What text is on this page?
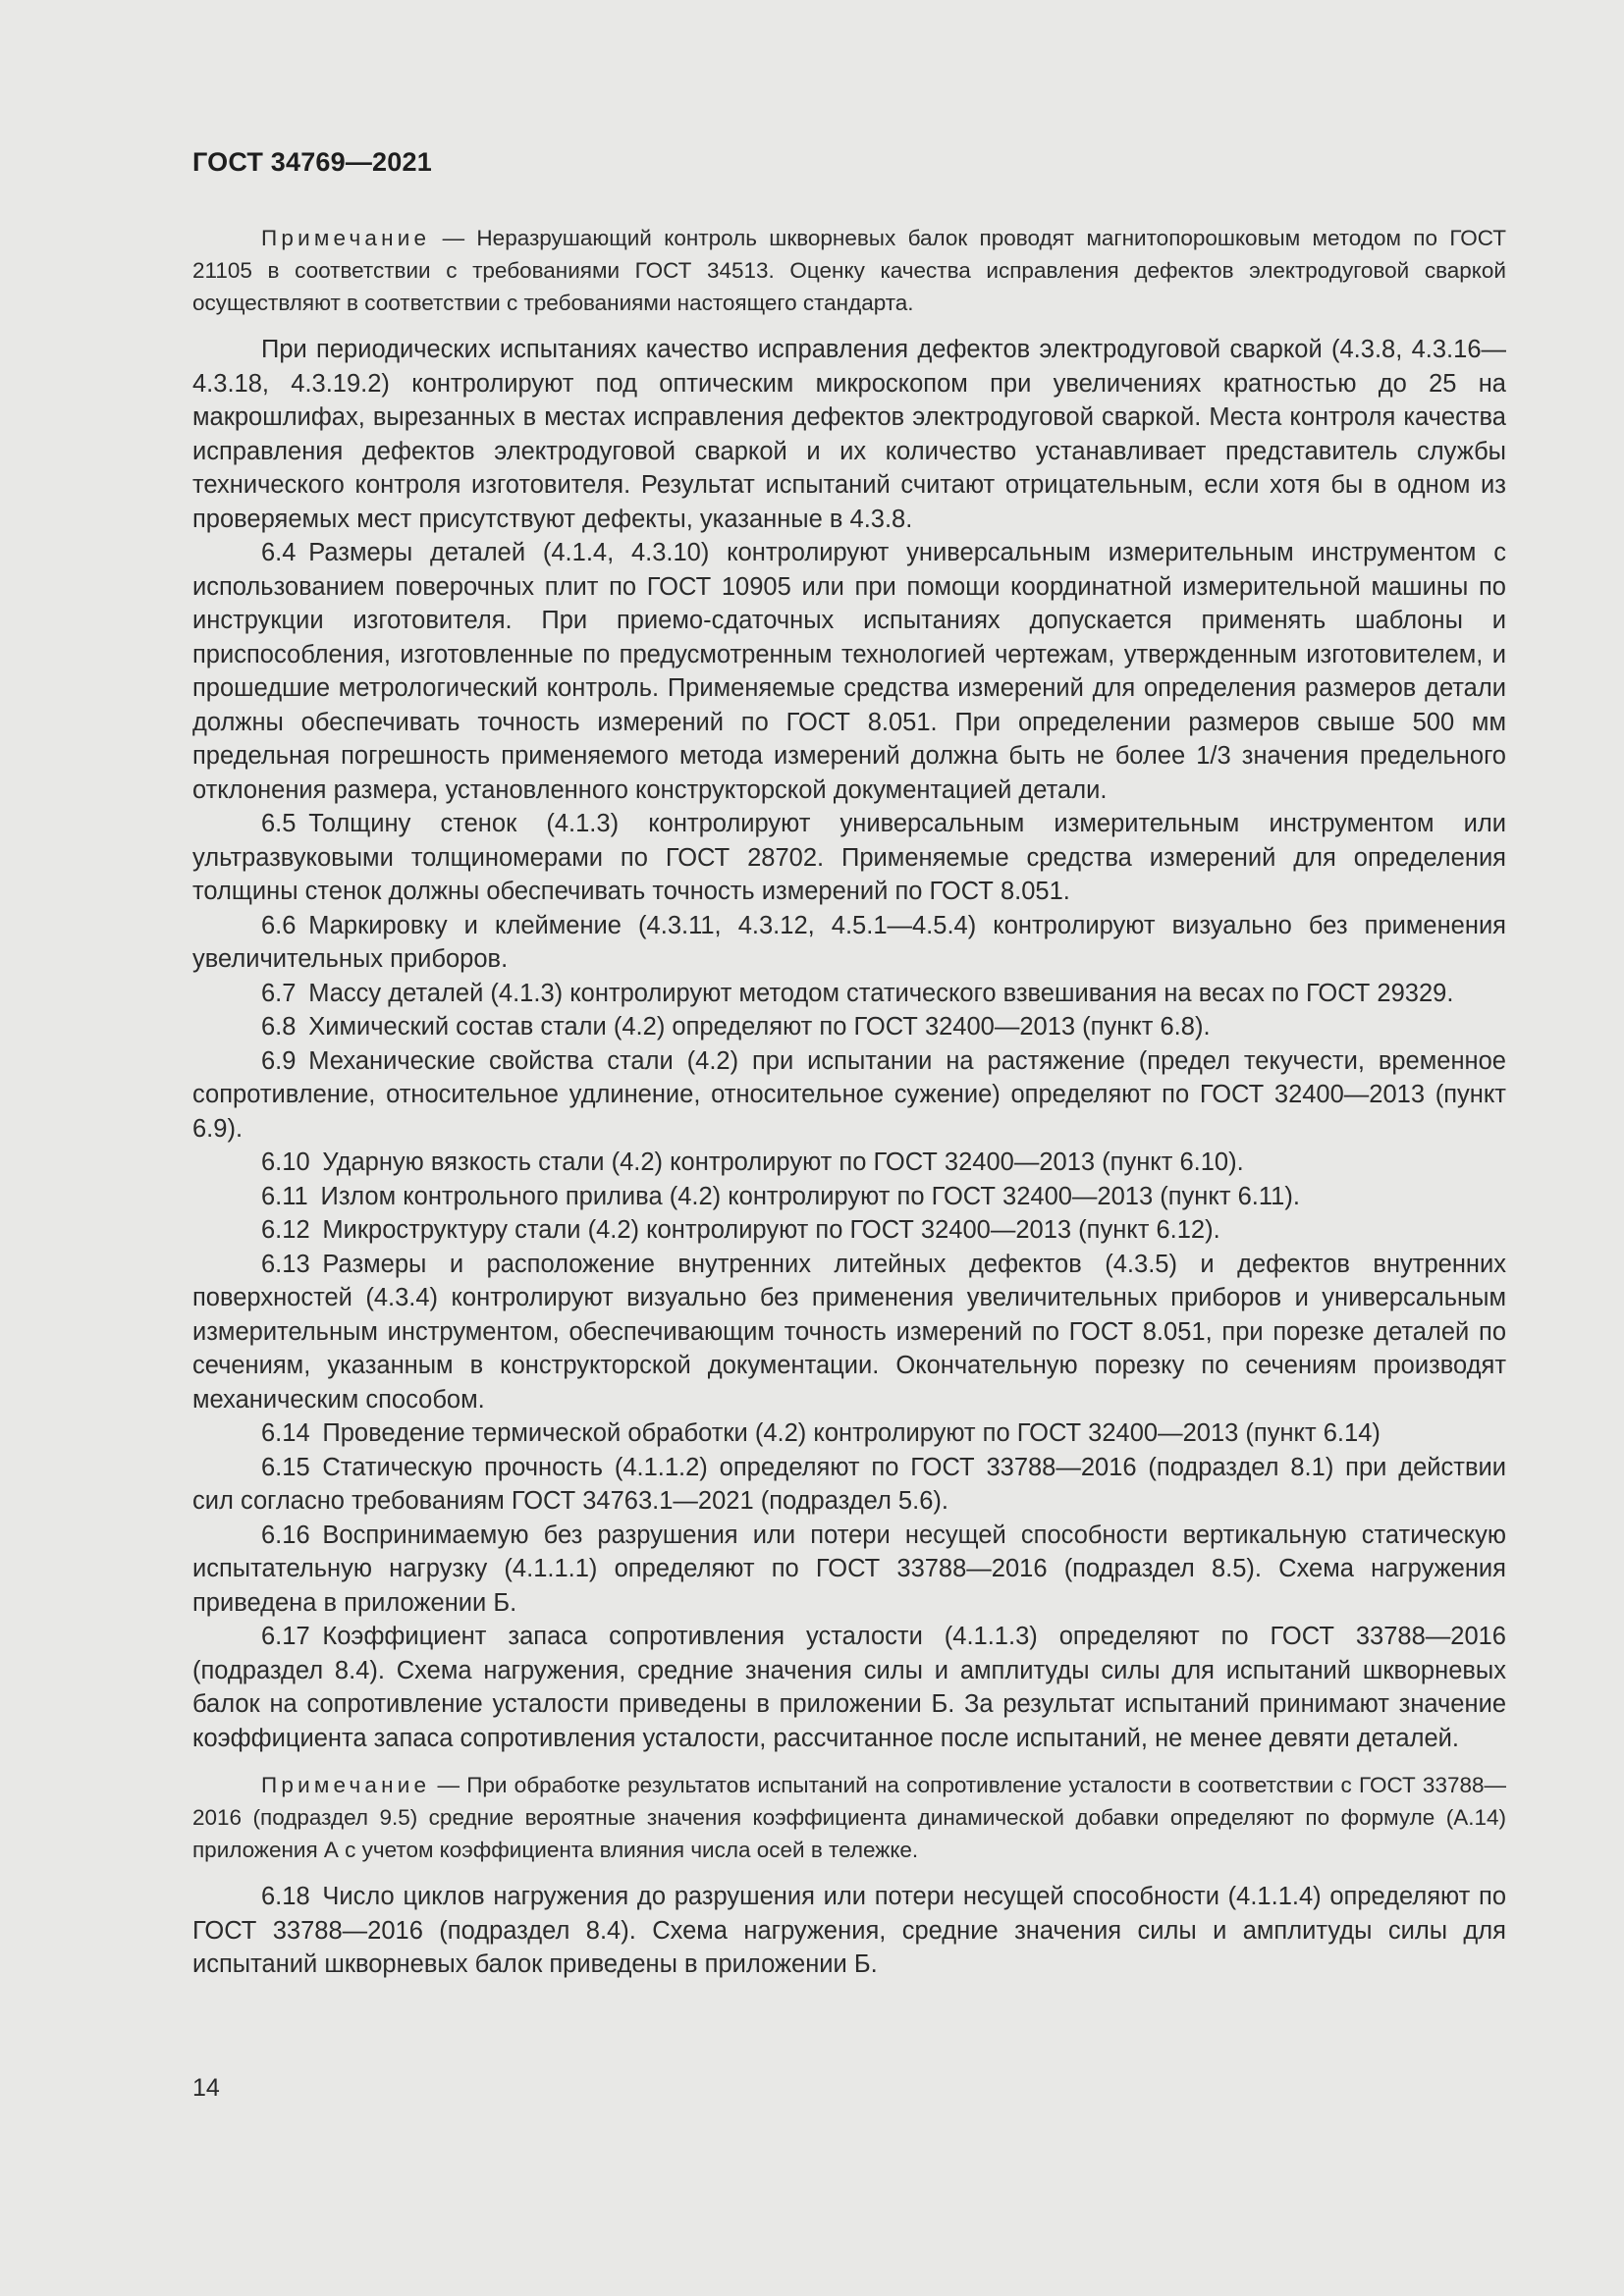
ГОСТ 34769—2021

Примечание — Неразрушающий контроль шкворневых балок проводят магнитопорошковым методом по ГОСТ 21105 в соответствии с требованиями ГОСТ 34513. Оценку качества исправления дефектов электродуговой сваркой осуществляют в соответствии с требованиями настоящего стандарта.

При периодических испытаниях качество исправления дефектов электродуговой сваркой (4.3.8, 4.3.16—4.3.18, 4.3.19.2) контролируют под оптическим микроскопом при увеличениях кратностью до 25 на макрошлифах, вырезанных в местах исправления дефектов электродуговой сваркой. Места контроля качества исправления дефектов электродуговой сваркой и их количество устанавливает представитель службы технического контроля изготовителя. Результат испытаний считают отрицательным, если хотя бы в одном из проверяемых мест присутствуют дефекты, указанные в 4.3.8.

6.4  Размеры деталей (4.1.4, 4.3.10) контролируют универсальным измерительным инструментом с использованием поверочных плит по ГОСТ 10905 или при помощи координатной измерительной машины по инструкции изготовителя. При приемо-сдаточных испытаниях допускается применять шаблоны и приспособления, изготовленные по предусмотренным технологией чертежам, утвержденным изготовителем, и прошедшие метрологический контроль. Применяемые средства измерений для определения размеров детали должны обеспечивать точность измерений по ГОСТ 8.051. При определении размеров свыше 500 мм предельная погрешность применяемого метода измерений должна быть не более 1/3 значения предельного отклонения размера, установленного конструкторской документацией детали.

6.5  Толщину стенок (4.1.3) контролируют универсальным измерительным инструментом или ультразвуковыми толщиномерами по ГОСТ 28702. Применяемые средства измерений для определения толщины стенок должны обеспечивать точность измерений по ГОСТ 8.051.

6.6  Маркировку и клеймение (4.3.11, 4.3.12, 4.5.1—4.5.4) контролируют визуально без применения увеличительных приборов.

6.7  Массу деталей (4.1.3) контролируют методом статического взвешивания на весах по ГОСТ 29329.

6.8  Химический состав стали (4.2) определяют по ГОСТ 32400—2013 (пункт 6.8).

6.9  Механические свойства стали (4.2) при испытании на растяжение (предел текучести, временное сопротивление, относительное удлинение, относительное сужение) определяют по ГОСТ 32400—2013 (пункт 6.9).

6.10  Ударную вязкость стали (4.2) контролируют по ГОСТ 32400—2013 (пункт 6.10).

6.11  Излом контрольного прилива (4.2) контролируют по ГОСТ 32400—2013 (пункт 6.11).

6.12  Микроструктуру стали (4.2) контролируют по ГОСТ 32400—2013 (пункт 6.12).

6.13  Размеры и расположение внутренних литейных дефектов (4.3.5) и дефектов внутренних поверхностей (4.3.4) контролируют визуально без применения увеличительных приборов и универсальным измерительным инструментом, обеспечивающим точность измерений по ГОСТ 8.051, при порезке деталей по сечениям, указанным в конструкторской документации. Окончательную порезку по сечениям производят механическим способом.

6.14  Проведение термической обработки (4.2) контролируют по ГОСТ 32400—2013 (пункт 6.14)

6.15  Статическую прочность (4.1.1.2) определяют по ГОСТ 33788—2016 (подраздел 8.1) при действии сил согласно требованиям ГОСТ 34763.1—2021 (подраздел 5.6).

6.16  Воспринимаемую без разрушения или потери несущей способности вертикальную статическую испытательную нагрузку (4.1.1.1) определяют по ГОСТ 33788—2016 (подраздел 8.5). Схема нагружения приведена в приложении Б.

6.17  Коэффициент запаса сопротивления усталости (4.1.1.3) определяют по ГОСТ 33788—2016 (подраздел 8.4). Схема нагружения, средние значения силы и амплитуды силы для испытаний шкворневых балок на сопротивление усталости приведены в приложении Б. За результат испытаний принимают значение коэффициента запаса сопротивления усталости, рассчитанное после испытаний, не менее девяти деталей.

Примечание — При обработке результатов испытаний на сопротивление усталости в соответствии с ГОСТ 33788—2016 (подраздел 9.5) средние вероятные значения коэффициента динамической добавки определяют по формуле (А.14) приложения А с учетом коэффициента влияния числа осей в тележке.

6.18  Число циклов нагружения до разрушения или потери несущей способности (4.1.1.4) определяют по ГОСТ 33788—2016 (подраздел 8.4). Схема нагружения, средние значения силы и амплитуды силы для испытаний шкворневых балок приведены в приложении Б.

14
